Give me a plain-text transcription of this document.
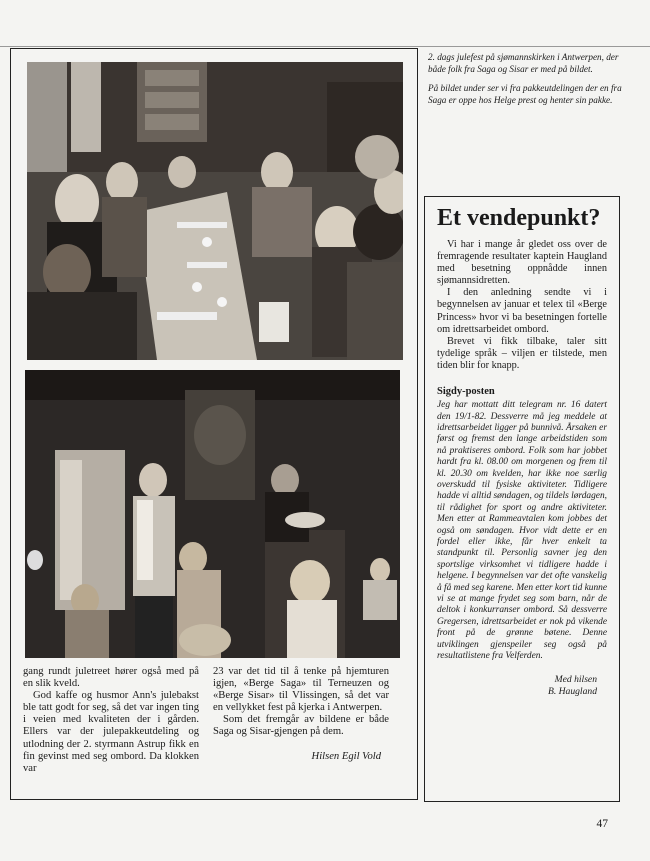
2. dags julefest på sjømannskirken i Antwerpen, der både folk fra Saga og Sisar er med på bildet.

På bildet under ser vi fra pakkeutdelingen der en fra Saga er oppe hos Helge prest og henter sin pakke.

Et vendepunkt?

Vi har i mange år gledet oss over de fremragende resultater kaptein Haugland med besetning oppnådde innen sjømannsidretten.

I den anledning sendte vi i begynnelsen av januar et telex til «Berge Princess» hvor vi ba besetningen fortelle om idrettsarbeidet ombord.

Brevet vi fikk tilbake, taler sitt tydelige språk – viljen er tilstede, men tiden blir for knapp.

Sigdy-posten
Jeg har mottatt ditt telegram nr. 16 datert den 19/1-82. Dessverre må jeg meddele at idrettsarbeidet ligger på bunnivå. Årsaken er først og fremst den lange arbeidstiden som nå praktiseres ombord. Folk som har jobbet hardt fra kl. 08.00 om morgenen og frem til kl. 20.30 om kvelden, har ikke noe særlig overskudd til fysiske aktiviteter. Tidligere hadde vi alltid søndagen, og tildels lørdagen, til rådighet for sport og andre aktiviteter. Men etter at Rammeavtalen kom jobbes det også om søndagen. Hvor vidt dette er en fordel eller ikke, får hver enkelt ta standpunkt til. Personlig savner jeg den sportslige virksomhet vi tidligere hadde i helgene. I begynnelsen var det ofte vanskelig å få med seg karene. Men etter kort tid kunne vi se at mange frydet seg som barn, når de deltok i konkurranser ombord. Så dessverre Gregersen, idrettsarbeidet er nok på vikende front på de grønne bøtene. Denne utviklingen gjenspeiler seg også på resultatlistene fra Velferden.
Med hilsen
B. Haugland

gang rundt juletreet hører også med på en slik kveld.

God kaffe og husmor Ann's julebakst ble tatt godt for seg, så det var ingen ting i veien med kvaliteten der i gården. Ellers var der julepakkeutdeling og utlodning der 2. styrmann Astrup fikk en fin gevinst med seg ombord. Da klokken var

23 var det tid til å tenke på hjemturen igjen, «Berge Saga» til Terneuzen og «Berge Sisar» til Vlissingen, så det var en vellykket fest på kjerka i Antwerpen.

Som det fremgår av bildene er både Saga og Sisar-gjengen på dem.

Hilsen Egil Vold
47
